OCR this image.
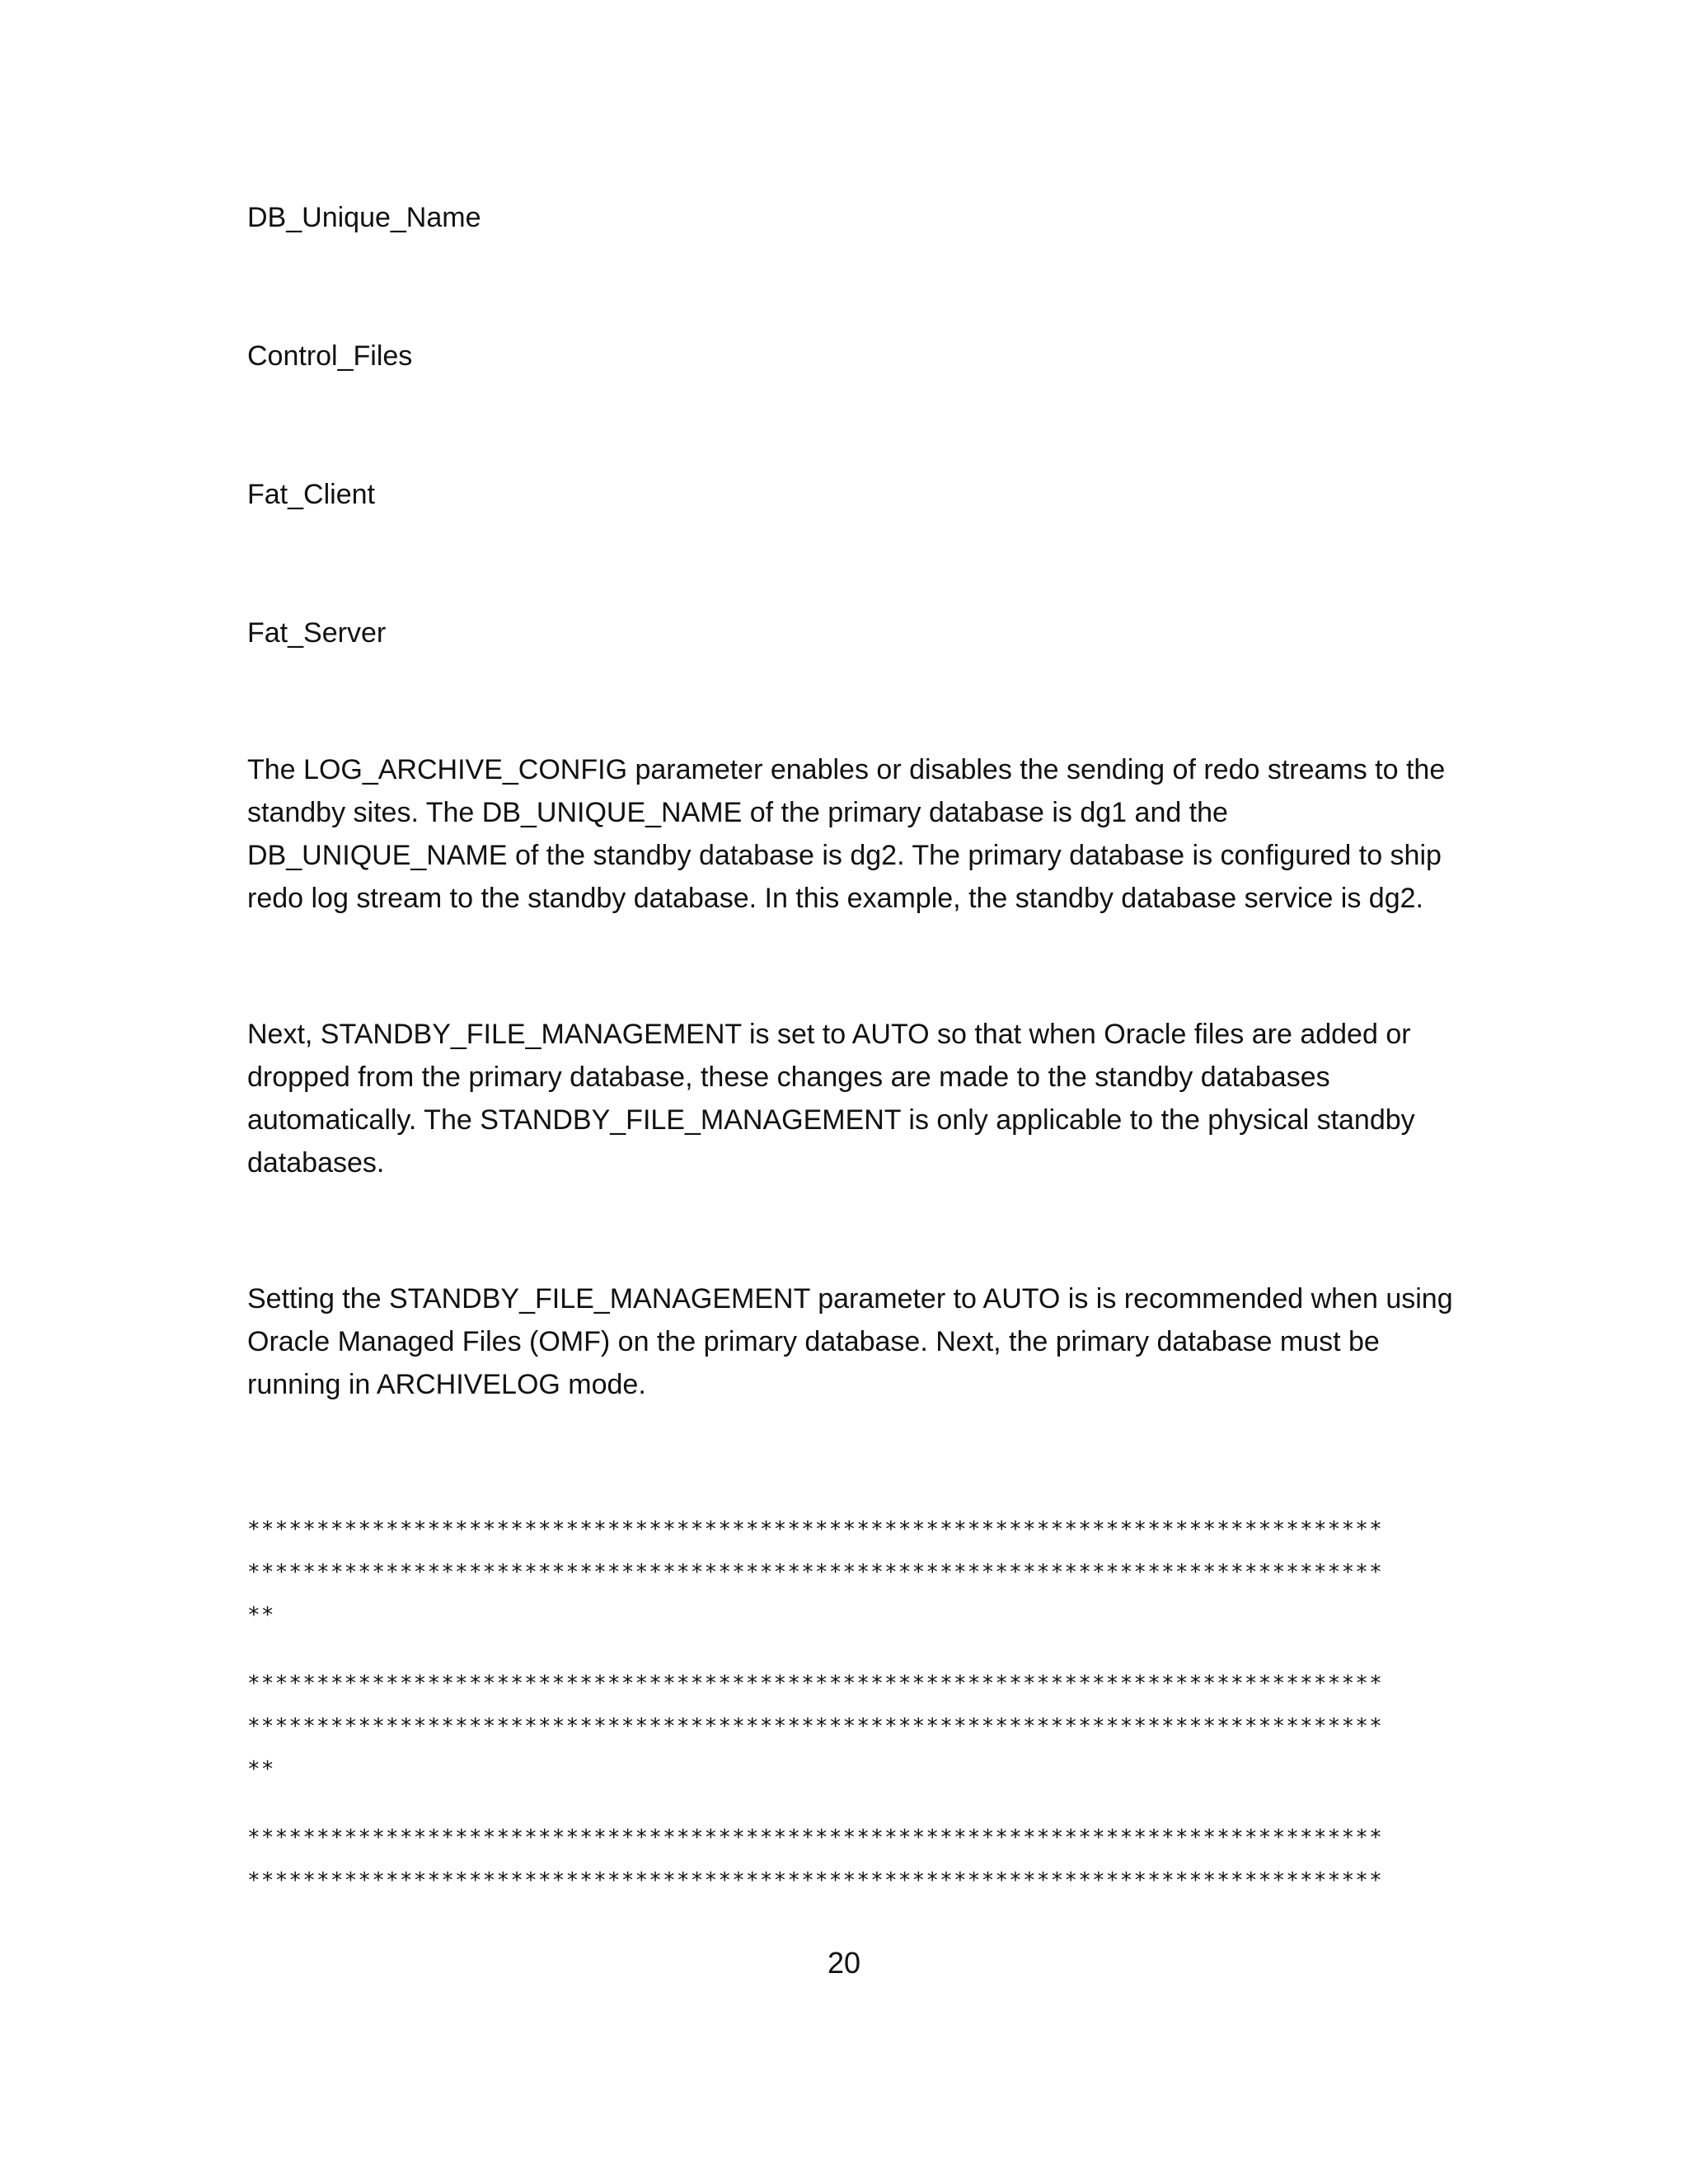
DB_Unique_Name

Control_Files

Fat_Client

Fat_Server

The LOG_ARCHIVE_CONFIG parameter enables or disables the sending of redo streams to the
standby sites. The DB_UNIQUE_NAME of the primary database is dg1 and the
DB_UNIQUE_NAME of the standby database is dg2. The primary database is configured to ship
redo log stream to the standby database. In this example, the standby database service is dg2.
Next, STANDBY_FILE_MANAGEMENT is set to AUTO so that when Oracle files are added or
dropped from the primary database, these changes are made to the standby databases
automatically. The STANDBY_FILE_MANAGEMENT is only applicable to the physical standby
databases.
Setting the STANDBY_FILE_MANAGEMENT parameter to AUTO is is recommended when using
Oracle Managed Files (OMF) on the primary database. Next, the primary database must be
running in ARCHIVELOG mode.
**********************************************************************************
**********************************************************************************
**
**********************************************************************************
**********************************************************************************
**
**********************************************************************************
**********************************************************************************
20
